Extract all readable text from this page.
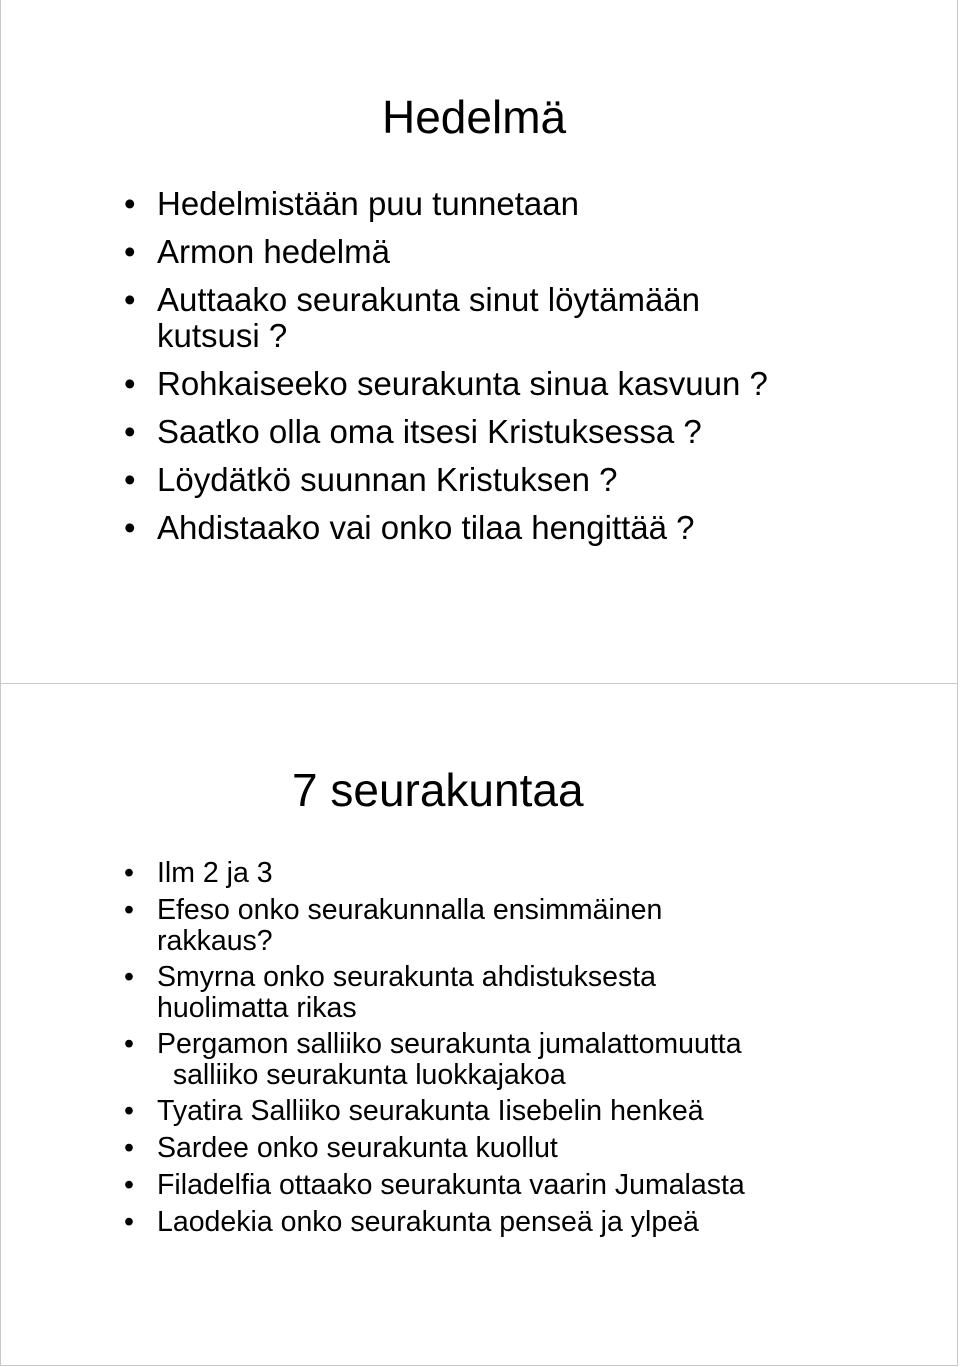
Hedelmä
• Hedelmistään puu tunnetaan
• Armon hedelmä
• Auttaako seurakunta sinut löytämään
kutsusi ?
• Rohkaiseeko seurakunta sinua kasvuun ?
• Saatko olla oma itsesi Kristuksessa ?
• Löydätkö suunnan Kristuksen ?
• Ahdistaako vai onko tilaa hengittää ?
7 seurakuntaa
• Ilm 2 ja 3
• Efeso onko seurakunnalla ensimmäinen
rakkaus?
• Smyrna onko seurakunta ahdistuksesta
huolimatta rikas
• Pergamon salliiko seurakunta jumalattomuutta
salliiko seurakunta luokkajakoa
• Tyatira Salliiko seurakunta Iisebelin henkeä
• Sardee onko seurakunta kuollut
• Filadelfia ottaako seurakunta vaarin Jumalasta
• Laodekia onko seurakunta penseä ja ylpeä
